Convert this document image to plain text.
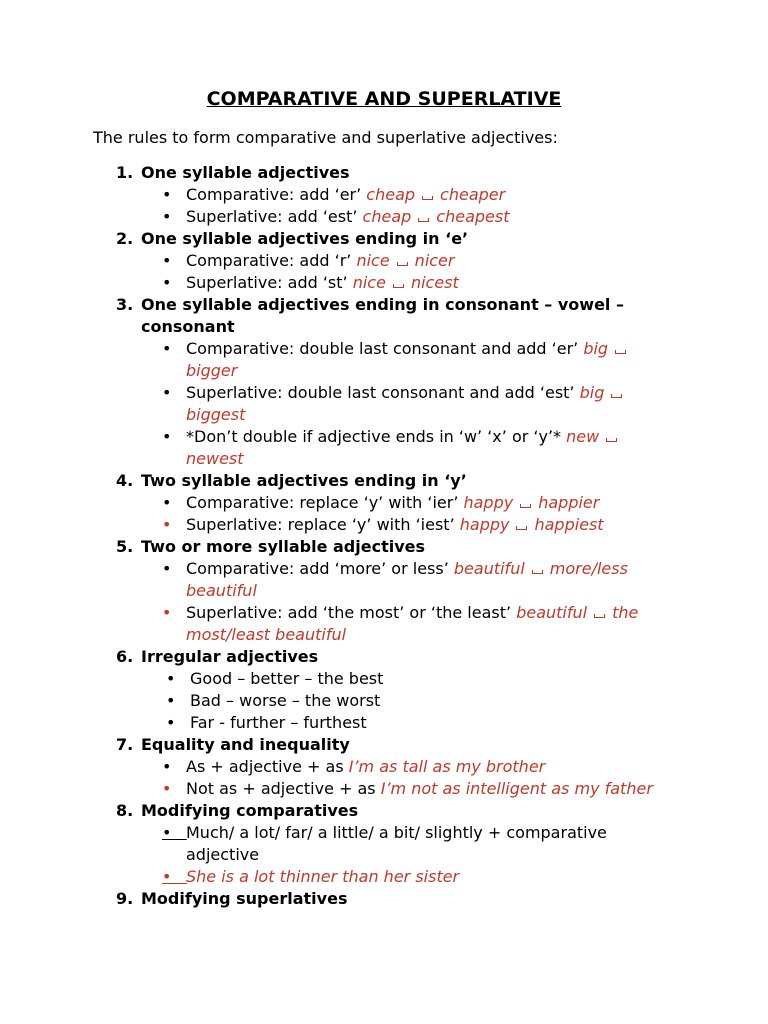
COMPARATIVE AND SUPERLATIVE
The rules to form comparative and superlative adjectives:
1. One syllable adjectives
• Comparative: add ‘er’ cheap cheaper
• Superlative: add ‘est’ cheap cheapest
2. One syllable adjectives ending in ‘e’
• Comparative: add ‘r’ nice nicer
• Superlative: add ‘st’ nice nicest
3. One syllable adjectives ending in consonant – vowel – consonant
• Comparative: double last consonant and add ‘er’ bigbigger
• Superlative: double last consonant and add ‘est’ bigbiggest
• *Don’t double if adjective ends in ‘w’ ‘x’ or ‘y’* newnewest
4. Two syllable adjectives ending in ‘y’
• Comparative: replace ‘y’ with ‘ier’ happy happier
• Superlative: replace ‘y’ with ‘iest’ happy happiest
5. Two or more syllable adjectives
• Comparative: add ‘more’ or less’ beautiful more/less beautiful
• Superlative: add ‘the most’ or ‘the least’ beautiful the most/least beautiful
6. Irregular adjectives
• Good – better – the best
• Bad – worse – the worst
• Far - further – furthest
7. Equality and inequality
• As + adjective + as I’m as tall as my brother
• Not as + adjective + as I’m not as intelligent as my father
8. Modifying comparatives
• Much/ a lot/ far/ a little/ a bit/ slightly + comparative adjective
• She is a lot thinner than her sister
9. Modifying superlatives
